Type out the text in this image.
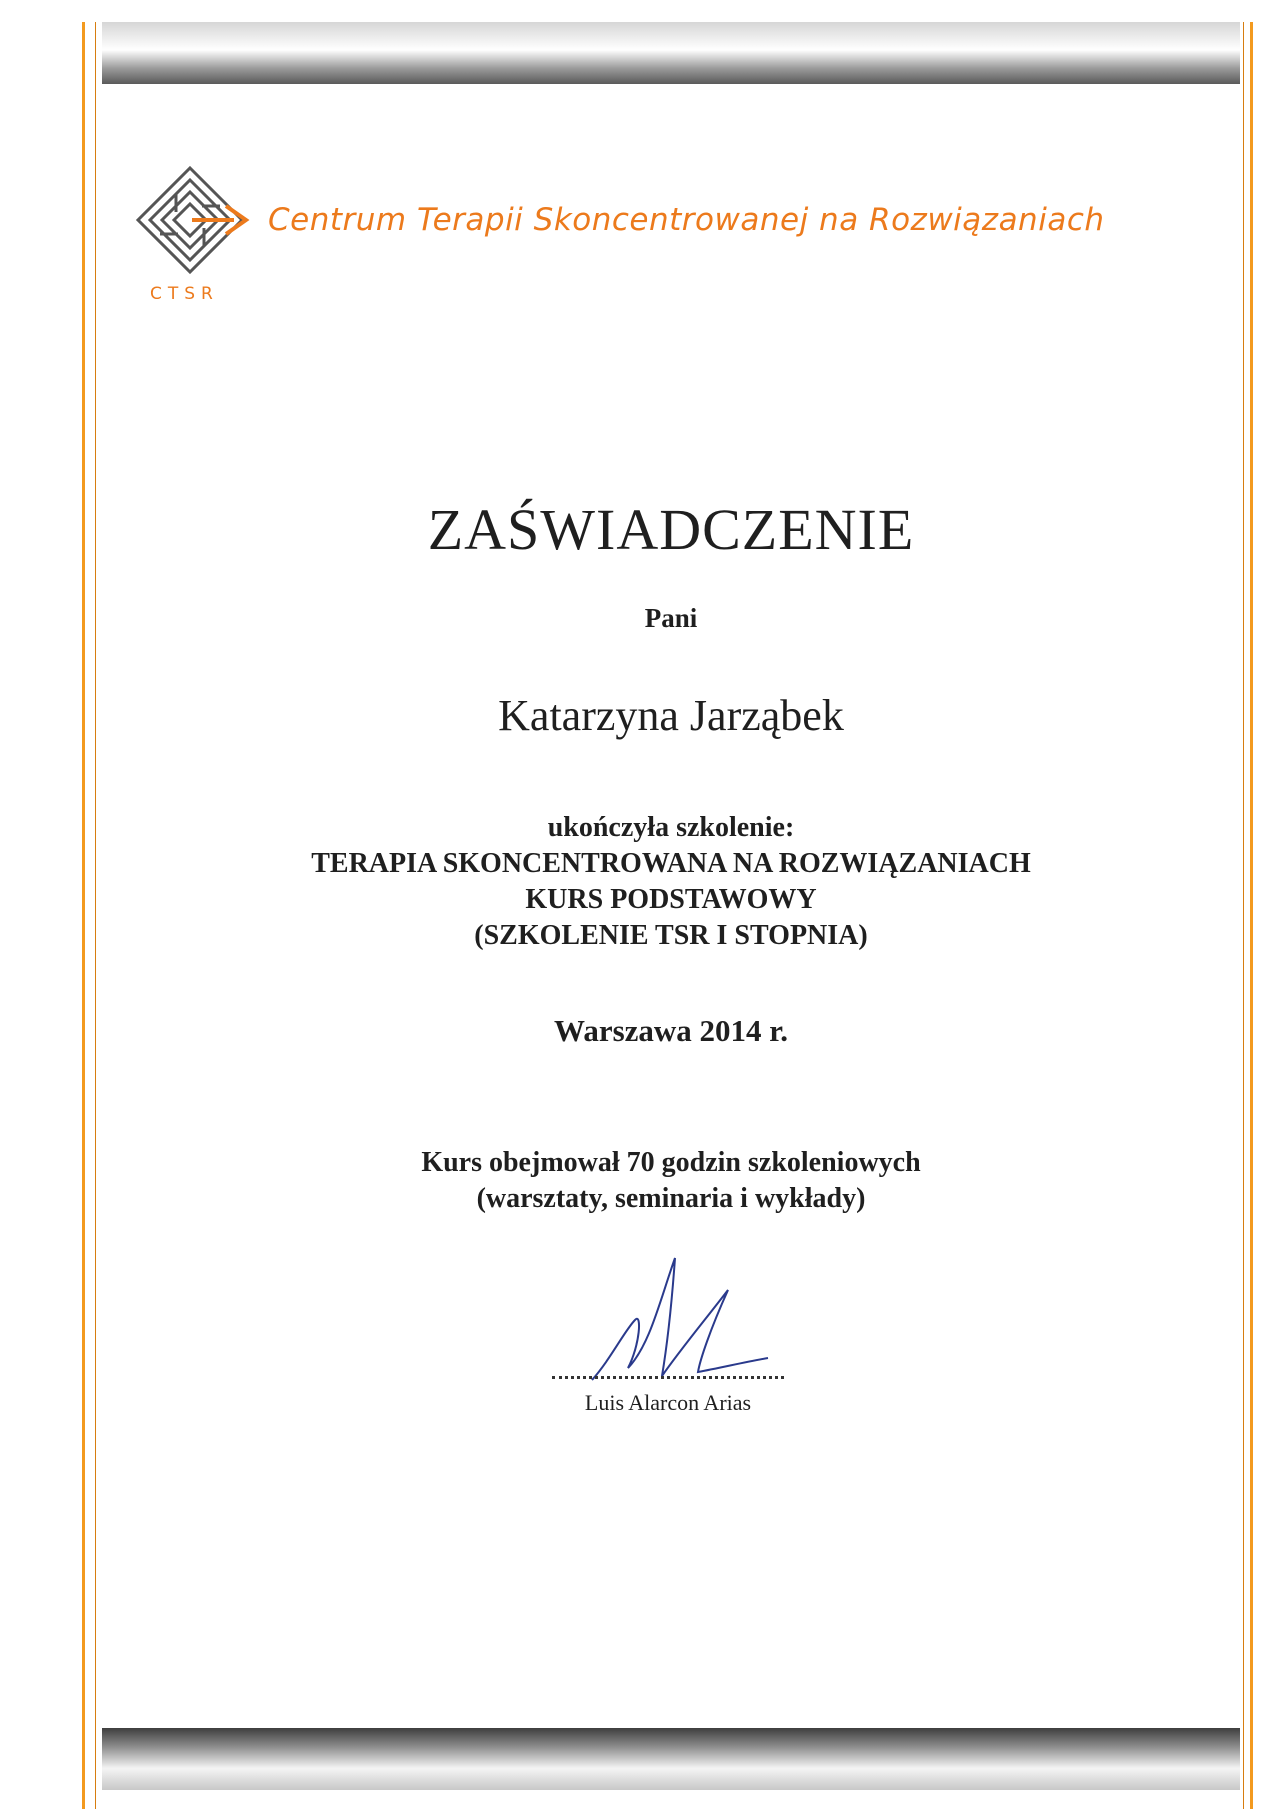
Centrum Terapii Skoncentrowanej na Rozwiązaniach
CTSR
ZAŚWIADCZENIE
Pani
Katarzyna Jarząbek
ukończyła szkolenie:
TERAPIA SKONCENTROWANA NA ROZWIĄZANIACH
KURS PODSTAWOWY
(SZKOLENIE TSR I STOPNIA)
Warszawa 2014 r.
Kurs obejmował 70 godzin szkoleniowych
(warsztaty, seminaria i wykłady)
Luis Alarcon Arias
